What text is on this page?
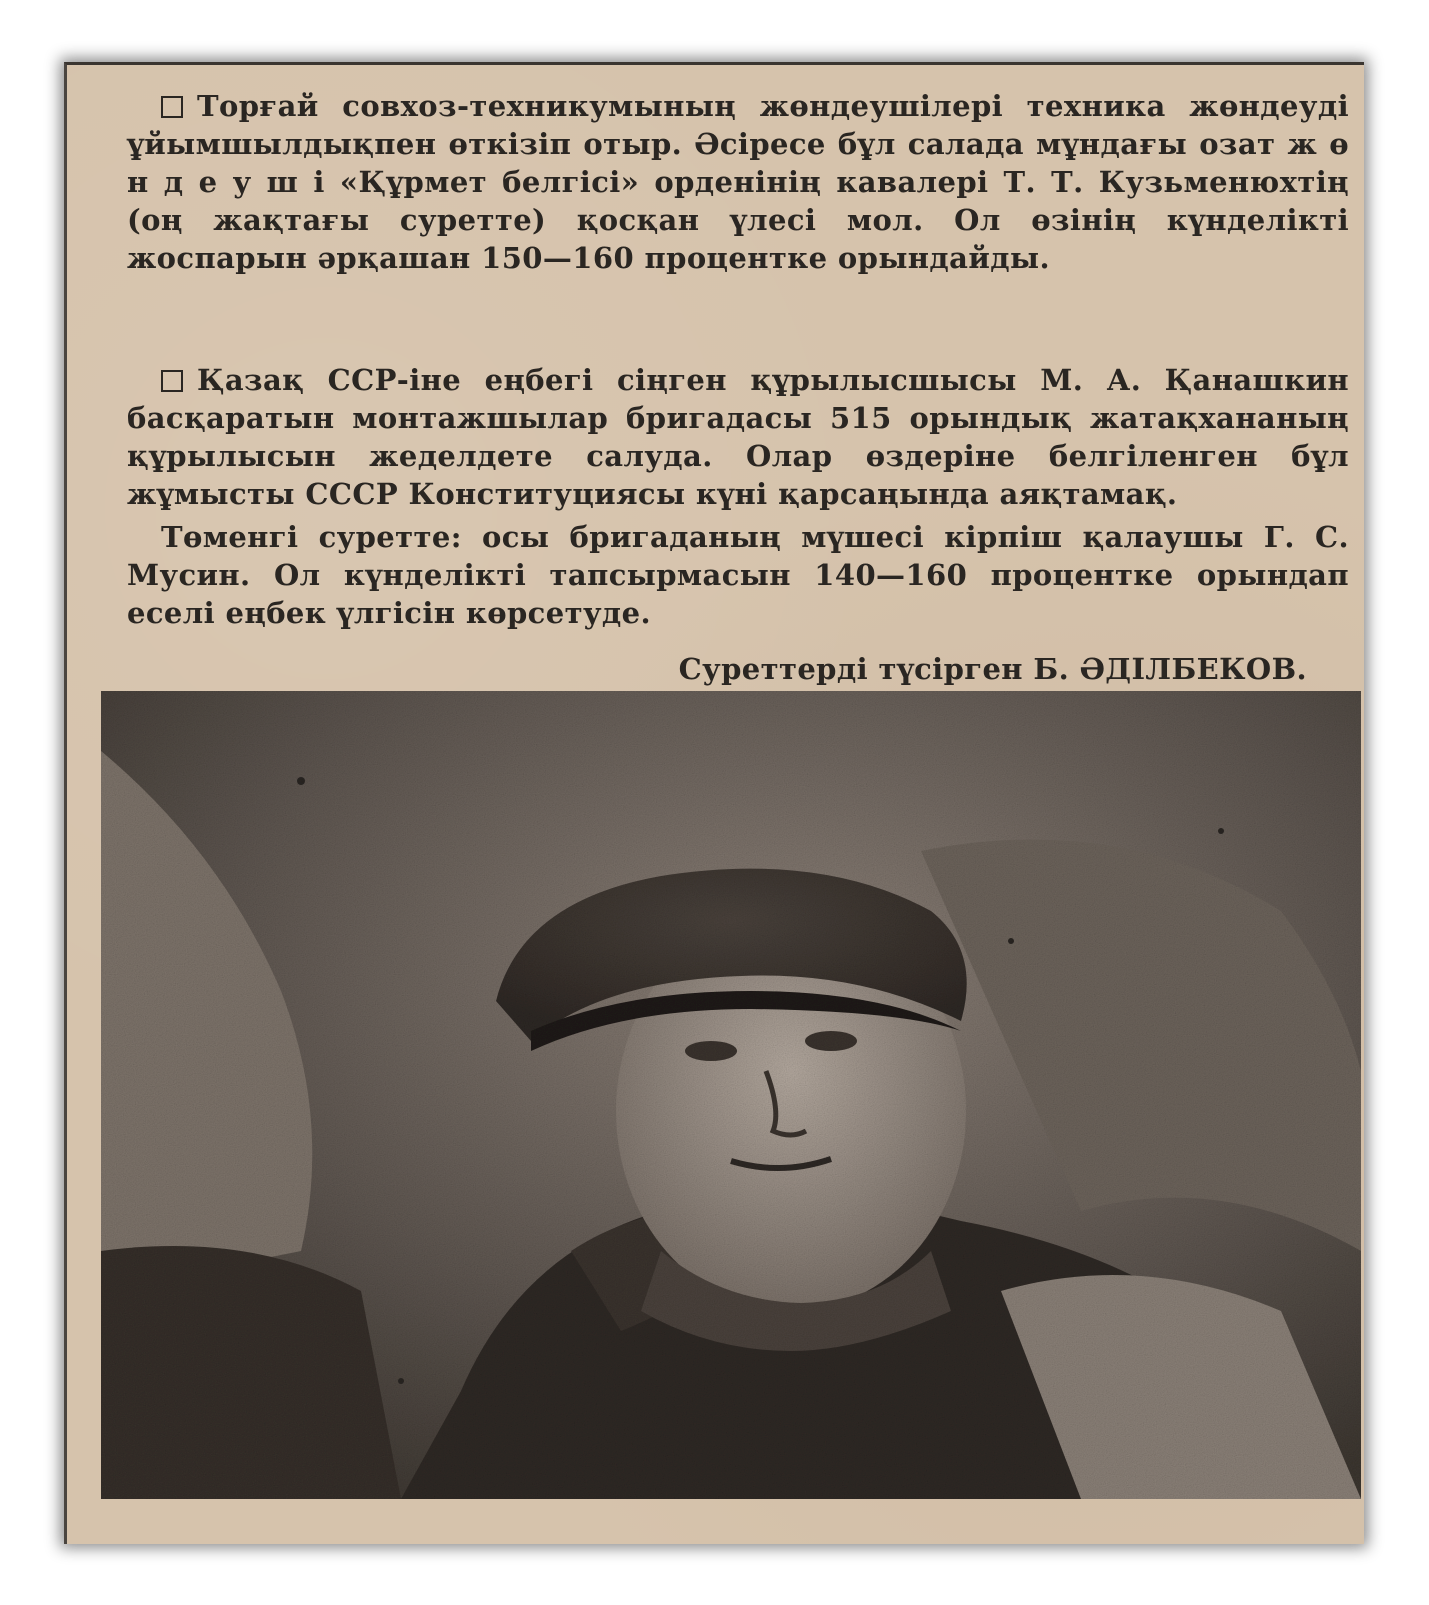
Торғай совхоз-техникумының жөндеушілері техника жөндеуді ұйымшылдықпен өткізіп отыр. Әсіресе бұл салада мұндағы озат ж ө н д е у ш і «Құрмет белгісі» орденінің кавалері Т. Т. Кузьменюхтің (оң жақтағы суретте) қосқан үлесі мол. Ол өзінің күнделікті жоспарын әрқашан 150—160 процентке орындайды.

Қазақ ССР-іне еңбегі сіңген құрылысшысы М. А. Қанашкин басқаратын монтажшылар бригадасы 515 орындық жатақхананың құрылысын жеделдете салуда. Олар өздеріне белгіленген бұл жұмысты СССР Конституциясы күні қарсаңында аяқтамақ.

Төменгі суретте: осы бригаданың мүшесі кірпіш қалаушы Г. С. Мусин. Ол күнделікті тапсырмасын 140—160 процентке орындап еселі еңбек үлгісін көрсетуде.

Суреттерді түсірген Б. ӘДІЛБЕКОВ.
